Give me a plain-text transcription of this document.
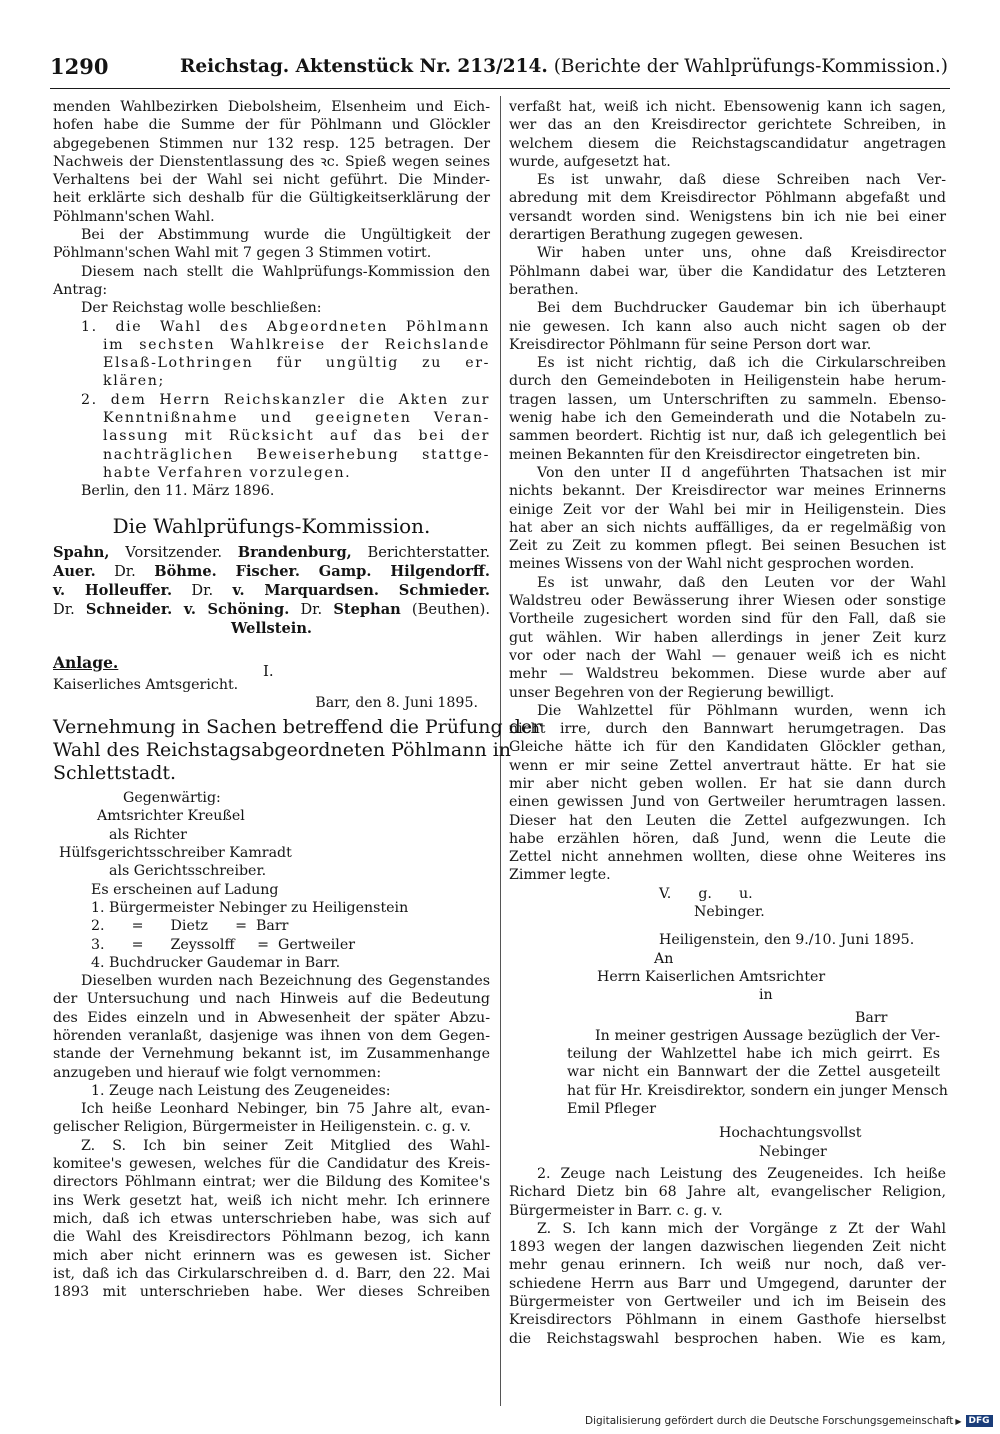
1290	Reichstag. Aktenstück Nr. 213/214. (Berichte der Wahlprüfungs-Kommission.)
menden Wahlbezirken Diebolsheim, Elsenheim und Eich-
hofen habe die Summe der für Pöhlmann und Glöckler
abgegebenen Stimmen nur 132 resp. 125 betragen. Der
Nachweis der Dienstentlassung des ꝛc. Spieß wegen seines
Verhaltens bei der Wahl sei nicht geführt. Die Minder-
heit erklärte sich deshalb für die Gültigkeitserklärung der
Pöhlmann'schen Wahl.
Bei der Abstimmung wurde die Ungültigkeit der
Pöhlmann'schen Wahl mit 7 gegen 3 Stimmen votirt.
Diesem nach stellt die Wahlprüfungs-Kommission den
Antrag:
Der Reichstag wolle beschließen:
1. die Wahl des Abgeordneten Pöhlmann
im sechsten Wahlkreise der Reichslande
Elsaß-Lothringen für ungültig zu er-
klären;
2. dem Herrn Reichskanzler die Akten zur
Kenntnißnahme und geeigneten Veran-
lassung mit Rücksicht auf das bei der
nachträglichen Beweiserhebung stattge-
habte Verfahren vorzulegen.
Berlin, den 11. März 1896.
Die Wahlprüfungs-Kommission.
Spahn, Vorsitzender. Brandenburg, Berichterstatter.
Auer. Dr. Böhme. Fischer. Gamp. Hilgendorff.
v. Holleuffer. Dr. v. Marquardsen. Schmieder.
Dr. Schneider. v. Schöning. Dr. Stephan (Beuthen).
Wellstein.
Anlage.	I.
Kaiserliches Amtsgericht.
Barr, den 8. Juni 1895.
Vernehmung in Sachen betreffend die Prüfung der
Wahl des Reichstagsabgeordneten Pöhlmann in
Schlettstadt.
Gegenwärtig:
Amtsrichter Kreußel
als Richter
Hülfsgerichtsschreiber Kamradt
als Gerichtsschreiber.
Es erscheinen auf Ladung
1. Bürgermeister Nebinger zu Heiligenstein
2.      =      Dietz      =  Barr
3.      =      Zeyssolff     =  Gertweiler
4. Buchdrucker Gaudemar in Barr.
Dieselben wurden nach Bezeichnung des Gegenstandes
der Untersuchung und nach Hinweis auf die Bedeutung
des Eides einzeln und in Abwesenheit der später Abzu-
hörenden veranlaßt, dasjenige was ihnen von dem Gegen-
stande der Vernehmung bekannt ist, im Zusammenhange
anzugeben und hierauf wie folgt vernommen:
1. Zeuge nach Leistung des Zeugeneides:
Ich heiße Leonhard Nebinger, bin 75 Jahre alt, evan-
gelischer Religion, Bürgermeister in Heiligenstein. c. g. v.
Z. S. Ich bin seiner Zeit Mitglied des Wahl-
komitee's gewesen, welches für die Candidatur des Kreis-
directors Pöhlmann eintrat; wer die Bildung des Komitee's
ins Werk gesetzt hat, weiß ich nicht mehr. Ich erinnere
mich, daß ich etwas unterschrieben habe, was sich auf
die Wahl des Kreisdirectors Pöhlmann bezog, ich kann
mich aber nicht erinnern was es gewesen ist. Sicher
ist, daß ich das Cirkularschreiben d. d. Barr, den 22. Mai
1893 mit unterschrieben habe. Wer dieses Schreiben
verfaßt hat, weiß ich nicht. Ebensowenig kann ich sagen,
wer das an den Kreisdirector gerichtete Schreiben, in
welchem diesem die Reichstagscandidatur angetragen
wurde, aufgesetzt hat.
Es ist unwahr, daß diese Schreiben nach Ver-
abredung mit dem Kreisdirector Pöhlmann abgefaßt und
versandt worden sind. Wenigstens bin ich nie bei einer
derartigen Berathung zugegen gewesen.
Wir haben unter uns, ohne daß Kreisdirector
Pöhlmann dabei war, über die Kandidatur des Letzteren
berathen.
Bei dem Buchdrucker Gaudemar bin ich überhaupt
nie gewesen. Ich kann also auch nicht sagen ob der
Kreisdirector Pöhlmann für seine Person dort war.
Es ist nicht richtig, daß ich die Cirkularschreiben
durch den Gemeindeboten in Heiligenstein habe herum-
tragen lassen, um Unterschriften zu sammeln. Ebenso-
wenig habe ich den Gemeinderath und die Notabeln zu-
sammen beordert. Richtig ist nur, daß ich gelegentlich bei
meinen Bekannten für den Kreisdirector eingetreten bin.
Von den unter II d angeführten Thatsachen ist mir
nichts bekannt. Der Kreisdirector war meines Erinnerns
einige Zeit vor der Wahl bei mir in Heiligenstein. Dies
hat aber an sich nichts auffälliges, da er regelmäßig von
Zeit zu Zeit zu kommen pflegt. Bei seinen Besuchen ist
meines Wissens von der Wahl nicht gesprochen worden.
Es ist unwahr, daß den Leuten vor der Wahl
Waldstreu oder Bewässerung ihrer Wiesen oder sonstige
Vortheile zugesichert worden sind für den Fall, daß sie
gut wählen. Wir haben allerdings in jener Zeit kurz
vor oder nach der Wahl — genauer weiß ich es nicht
mehr — Waldstreu bekommen. Diese wurde aber auf
unser Begehren von der Regierung bewilligt.
Die Wahlzettel für Pöhlmann wurden, wenn ich
nicht irre, durch den Bannwart herumgetragen. Das
Gleiche hätte ich für den Kandidaten Glöckler gethan,
wenn er mir seine Zettel anvertraut hätte. Er hat sie
mir aber nicht geben wollen. Er hat sie dann durch
einen gewissen Jund von Gertweiler herumtragen lassen.
Dieser hat den Leuten die Zettel aufgezwungen. Ich
habe erzählen hören, daß Jund, wenn die Leute die
Zettel nicht annehmen wollten, diese ohne Weiteres ins
Zimmer legte.
V.      g.      u.
Nebinger.
Heiligenstein, den 9./10. Juni 1895.
An
Herrn Kaiserlichen Amtsrichter
in
Barr
In meiner gestrigen Aussage bezüglich der Ver-
teilung der Wahlzettel habe ich mich geirrt. Es
war nicht ein Bannwart der die Zettel ausgeteilt
hat für Hr. Kreisdirektor, sondern ein junger Mensch
Emil Pfleger
Hochachtungsvollst
Nebinger
2. Zeuge nach Leistung des Zeugeneides. Ich heiße
Richard Dietz bin 68 Jahre alt, evangelischer Religion,
Bürgermeister in Barr. c. g. v.
Z. S. Ich kann mich der Vorgänge z Zt der Wahl
1893 wegen der langen dazwischen liegenden Zeit nicht
mehr genau erinnern. Ich weiß nur noch, daß ver-
schiedene Herrn aus Barr und Umgegend, darunter der
Bürgermeister von Gertweiler und ich im Beisein des
Kreisdirectors Pöhlmann in einem Gasthofe hierselbst
die Reichstagswahl besprochen haben. Wie es kam,
Digitalisierung gefördert durch die Deutsche Forschungsgemeinschaft ▶ DFG
